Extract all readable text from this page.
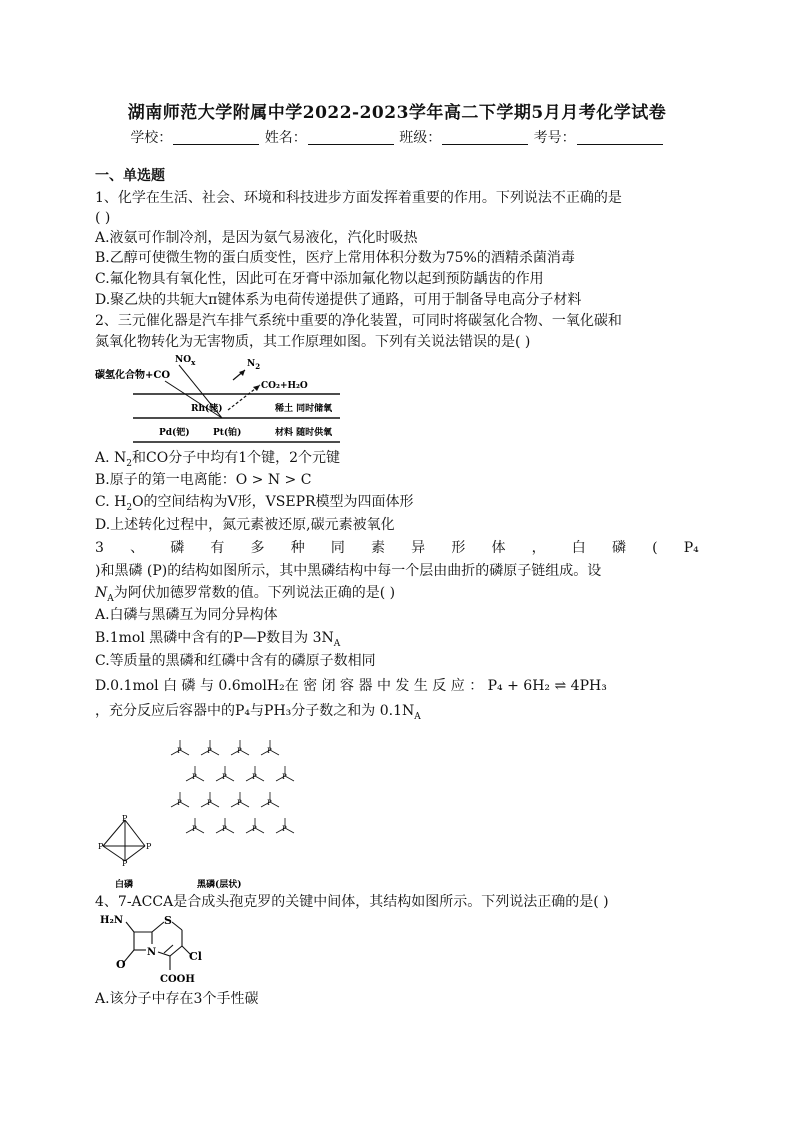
湖南师范大学附属中学2022-2023学年高二下学期5月月考化学试卷
学校：	姓名：	班级：	考号：
一、单选题
1、化学在生活、社会、环境和科技进步方面发挥着重要的作用。下列说法不正确的是
( )
A.液氨可作制冷剂，是因为氨气易液化，汽化时吸热
B.乙醇可使微生物的蛋白质变性，医疗上常用体积分数为75%的酒精杀菌消毒
C.氟化物具有氧化性，因此可在牙膏中添加氟化物以起到预防龋齿的作用
D.聚乙炔的共轭大π键体系为电荷传递提供了通路，可用于制备导电高分子材料
2、三元催化器是汽车排气系统中重要的净化装置，可同时将碳氢化合物、一氧化碳和
氮氧化物转化为无害物质，其工作原理如图。下列有关说法错误的是( )
碳氢化合物+CO
$NO_x$	$N_2$
CO₂+H₂O
Rh(铑)
Pd(钯)	Pt(铂)
稀土 同时储氧
材料 随时供氧
A. $N_2$和CO分子中均有1个键，2个元键
B.原子的第一电离能：O > N > C
C. $H_2O$的空间结构为V形，VSEPR模型为四面体形
D.上述转化过程中，氮元素被还原,碳元素被氧化
3 、 磷 有 多 种 同 素 异 形 体 ， 白 磷 ( P₄
)和黑磷 (P)的结构如图所示，其中黑磷结构中每一个层由曲折的磷原子链组成。设
$N_A$为阿伏加德罗常数的值。下列说法正确的是( )
A.白磷与黑磷互为同分异构体
B.1mol 黑磷中含有的P—P数目为 $3N_A$
C.等质量的黑磷和红磷中含有的磷原子数相同
D.0.1mol 白 磷 与 0.6molH₂在 密 闭 容 器 中 发 生 反 应 ： P₄ + 6H₂ ⇌ 4PH₃
，充分反应后容器中的P₄与PH₃分子数之和为 $0.1N_A$
P
P	P
P
白磷
P	P	P	P
P	P	P	P
P	P	P	P
P	P	P	P
黑磷(层状)
4、7-ACCA是合成头孢克罗的关键中间体，其结构如图所示。下列说法正确的是( )
H₂N	S
N
O
Cl
COOH
A.该分子中存在3个手性碳
